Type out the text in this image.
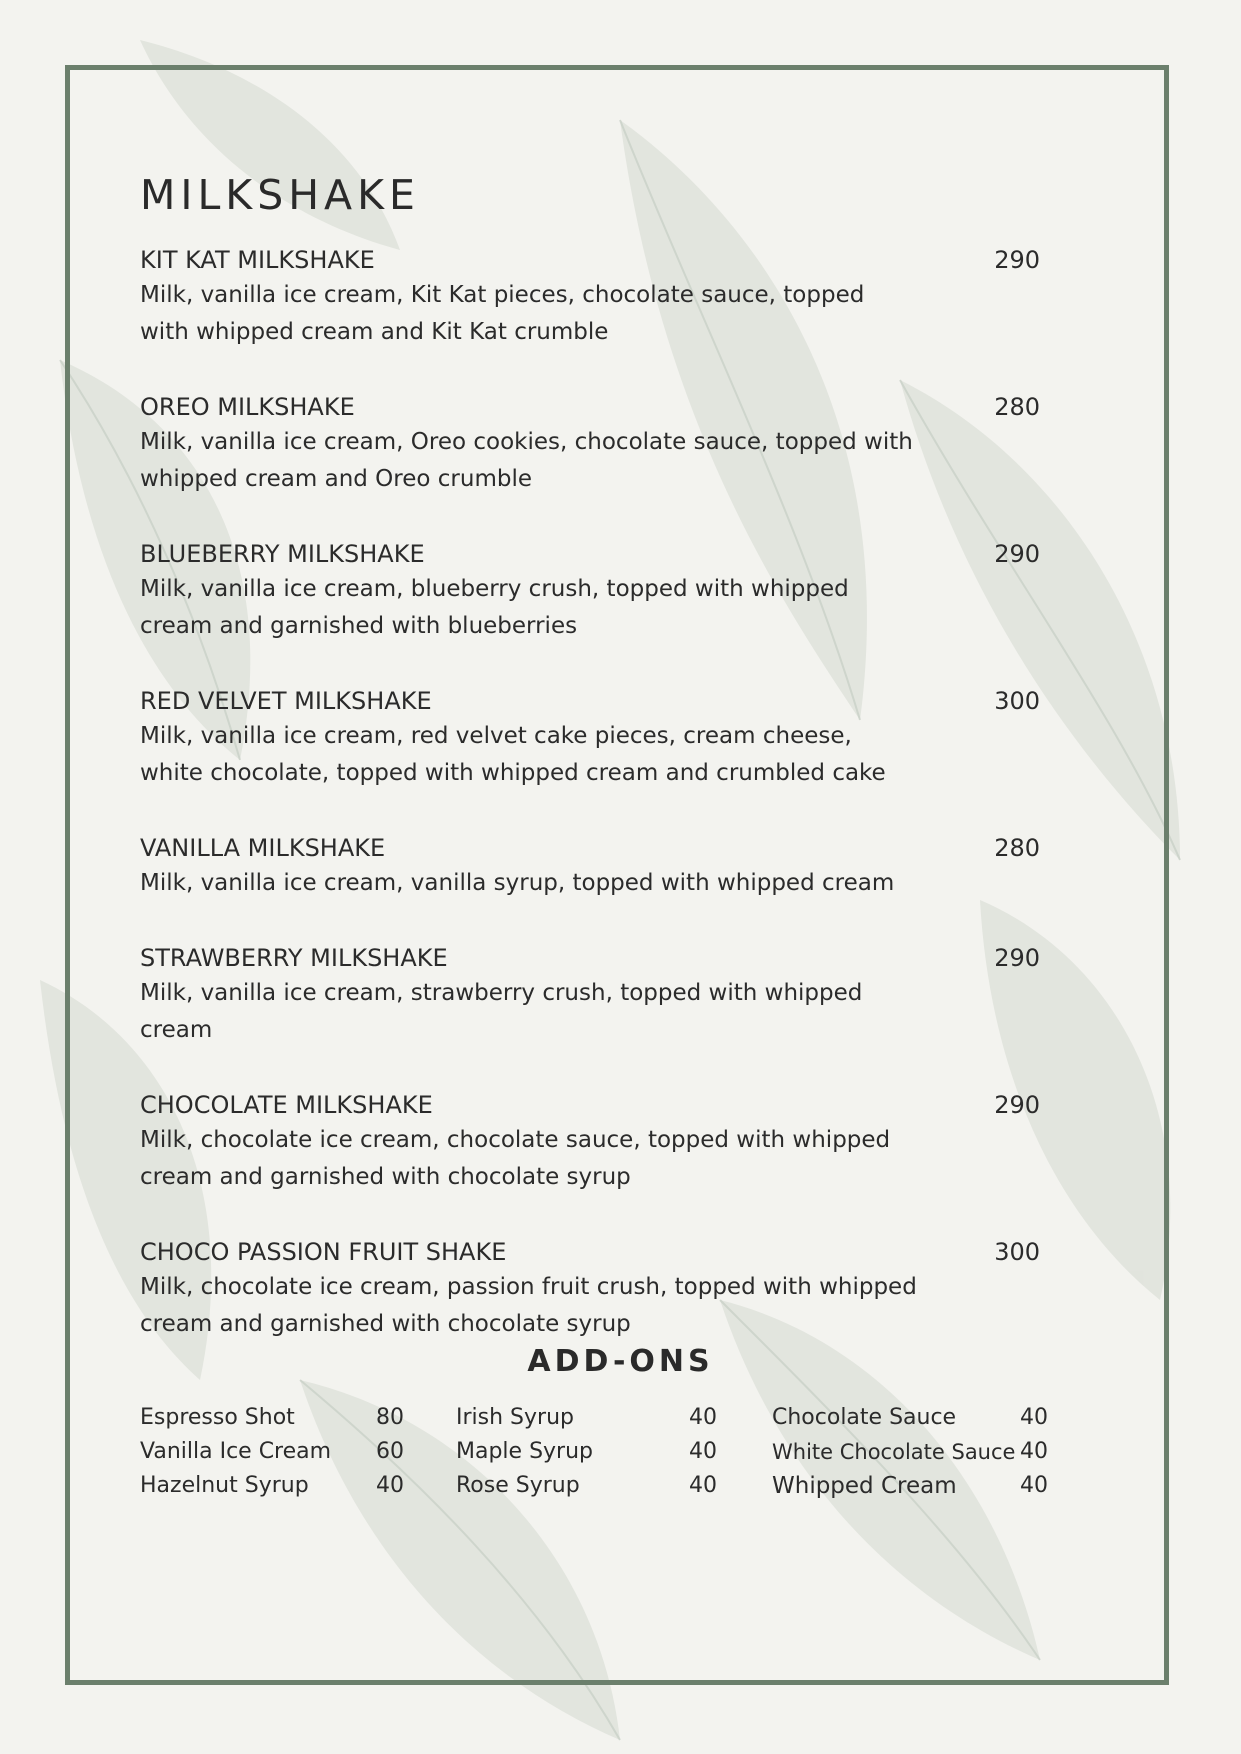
MILKSHAKE
KIT KAT MILKSHAKE	290
Milk, vanilla ice cream, Kit Kat pieces, chocolate sauce, topped with whipped cream and Kit Kat crumble
OREO MILKSHAKE	280
Milk, vanilla ice cream, Oreo cookies, chocolate sauce, topped with whipped cream and Oreo crumble
BLUEBERRY MILKSHAKE	290
Milk, vanilla ice cream, blueberry crush, topped with whipped cream and garnished with blueberries
RED VELVET MILKSHAKE	300
Milk, vanilla ice cream, red velvet cake pieces, cream cheese, white chocolate, topped with whipped cream and crumbled cake
VANILLA MILKSHAKE	280
Milk, vanilla ice cream, vanilla syrup, topped with whipped cream
STRAWBERRY MILKSHAKE	290
Milk, vanilla ice cream, strawberry crush, topped with whipped cream
CHOCOLATE MILKSHAKE	290
Milk, chocolate ice cream, chocolate sauce, topped with whipped cream and garnished with chocolate syrup
CHOCO PASSION FRUIT SHAKE	300
Milk, chocolate ice cream, passion fruit crush, topped with whipped cream and garnished with chocolate syrup
ADD-ONS
Espresso Shot	80
Vanilla Ice Cream 60
Hazelnut Syrup	40
Irish Syrup	40
Maple Syrup	40
Rose Syrup	40
Chocolate Sauce	40
White Chocolate Sauce 40
Whipped Cream	40
